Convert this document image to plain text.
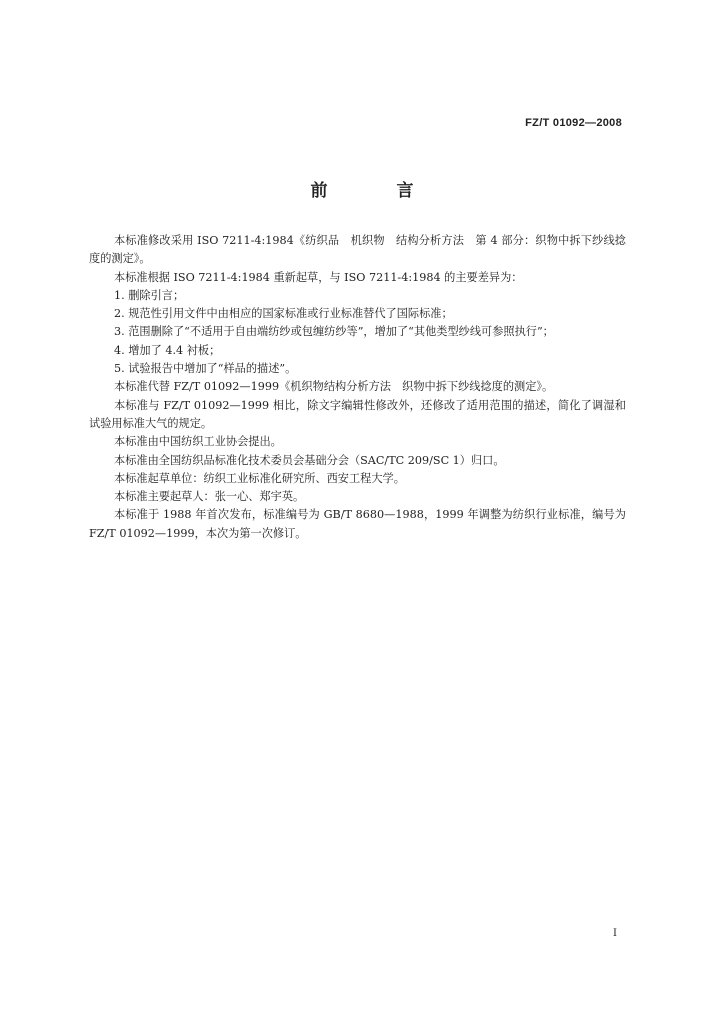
FZ/T 01092—2008
前　言

本标准修改采用 ISO 7211-4:1984《纺织品　机织物　结构分析方法　第 4 部分：织物中拆下纱线捻度的测定》。

本标准根据 ISO 7211-4:1984 重新起草，与 ISO 7211-4:1984 的主要差异为：

1. 删除引言；

2. 规范性引用文件中由相应的国家标准或行业标准替代了国际标准；

3. 范围删除了“不适用于自由端纺纱或包缠纺纱等”，增加了“其他类型纱线可参照执行”；

4. 增加了 4.4 衬板；

5. 试验报告中增加了“样品的描述”。

本标准代替 FZ/T 01092—1999《机织物结构分析方法　织物中拆下纱线捻度的测定》。

本标准与 FZ/T 01092—1999 相比，除文字编辑性修改外，还修改了适用范围的描述，简化了调湿和试验用标准大气的规定。

本标准由中国纺织工业协会提出。

本标准由全国纺织品标准化技术委员会基础分会（SAC/TC 209/SC 1）归口。

本标准起草单位：纺织工业标准化研究所、西安工程大学。

本标准主要起草人：张一心、郑宇英。

本标准于 1988 年首次发布，标准编号为 GB/T 8680—1988，1999 年调整为纺织行业标准，编号为 FZ/T 01092—1999，本次为第一次修订。

I
